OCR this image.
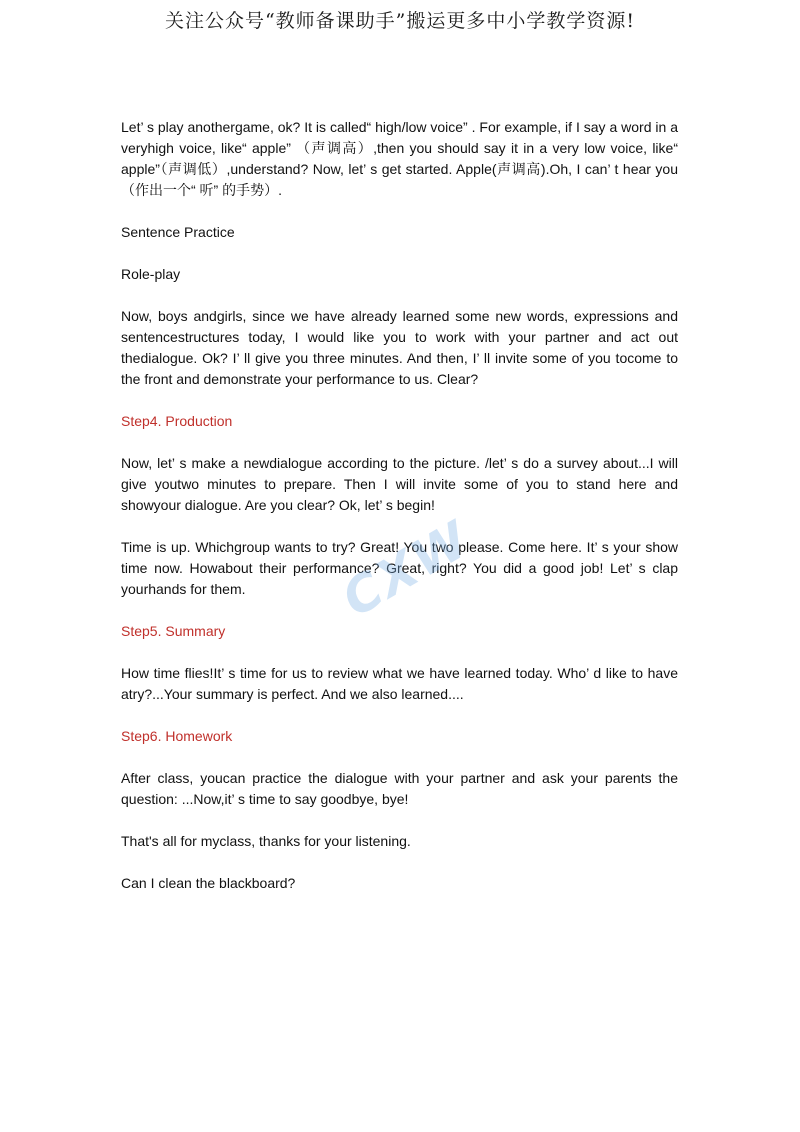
关注公众号“教师备课助手”搬运更多中小学教学资源!

Let’ s play anothergame, ok? It is called“ high/low voice” . For example, if I say a word in a veryhigh voice, like“ apple” （声调高）,then you should say it in a very low voice, like“ apple”（声调低）,understand? Now, let’ s get started. Apple(声调高).Oh, I can’ t hear you（作出一个“ 听” 的手势）.

Sentence Practice

Role-play

Now, boys andgirls, since we have already learned some new words, expressions and sentencestructures today, I would like you to work with your partner and act out thedialogue. Ok? I’ ll give you three minutes. And then, I’ ll invite some of you tocome to the front and demonstrate your performance to us. Clear?

Step4. Production

Now, let’ s make a newdialogue according to the picture. /let’ s do a survey about...I will give youtwo minutes to prepare. Then I will invite some of you to stand here and showyour dialogue. Are you clear? Ok, let’ s begin!

Time is up. Whichgroup wants to try? Great! You two please. Come here. It’ s your show time now. Howabout their performance? Great, right? You did a good job! Let’ s clap yourhands for them.

Step5. Summary

How time flies!It’ s time for us to review what we have learned today. Who’ d like to have atry?...Your summary is perfect. And we also learned....

Step6. Homework

After class, youcan practice the dialogue with your partner and ask your parents the question: ...Now,it’ s time to say goodbye, bye!

That's all for myclass, thanks for your listening.

Can I clean the blackboard?

CXW
